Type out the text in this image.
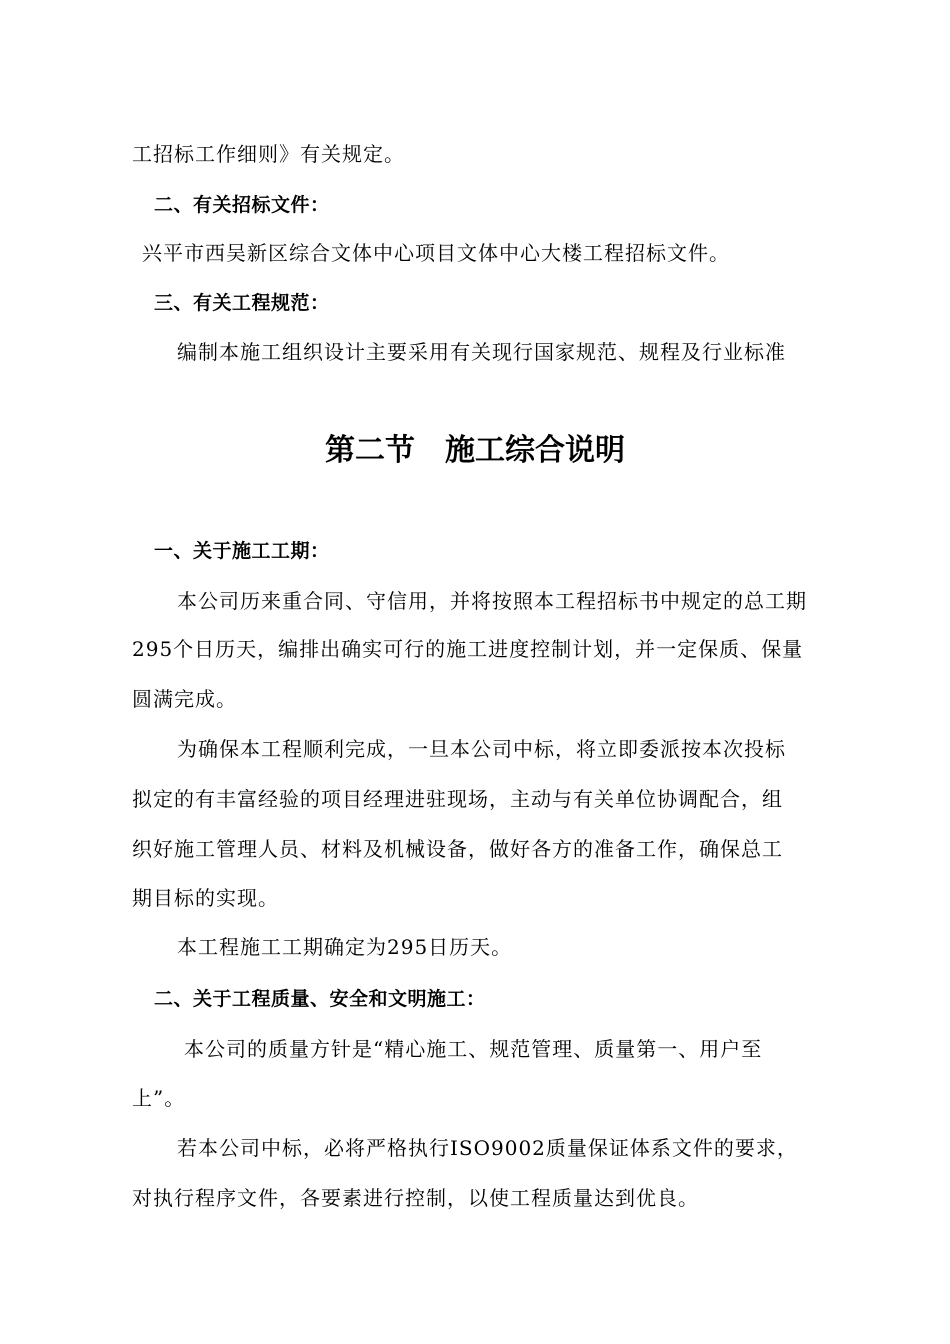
工招标工作细则》有关规定。
二、有关招标文件：
兴平市西吴新区综合文体中心项目文体中心大楼工程招标文件。
三、有关工程规范：
编制本施工组织设计主要采用有关现行国家规范、规程及行业标准
第二节　施工综合说明
一、关于施工工期：
本公司历来重合同、守信用，并将按照本工程招标书中规定的总工期
295个日历天，编排出确实可行的施工进度控制计划，并一定保质、保量
圆满完成。
为确保本工程顺利完成，一旦本公司中标，将立即委派按本次投标
拟定的有丰富经验的项目经理进驻现场，主动与有关单位协调配合，组
织好施工管理人员、材料及机械设备，做好各方的准备工作，确保总工
期目标的实现。
本工程施工工期确定为295日历天。
二、关于工程质量、安全和文明施工：
本公司的质量方针是“精心施工、规范管理、质量第一、用户至
上”。
若本公司中标，必将严格执行ISO9002质量保证体系文件的要求，
对执行程序文件，各要素进行控制，以使工程质量达到优良。
